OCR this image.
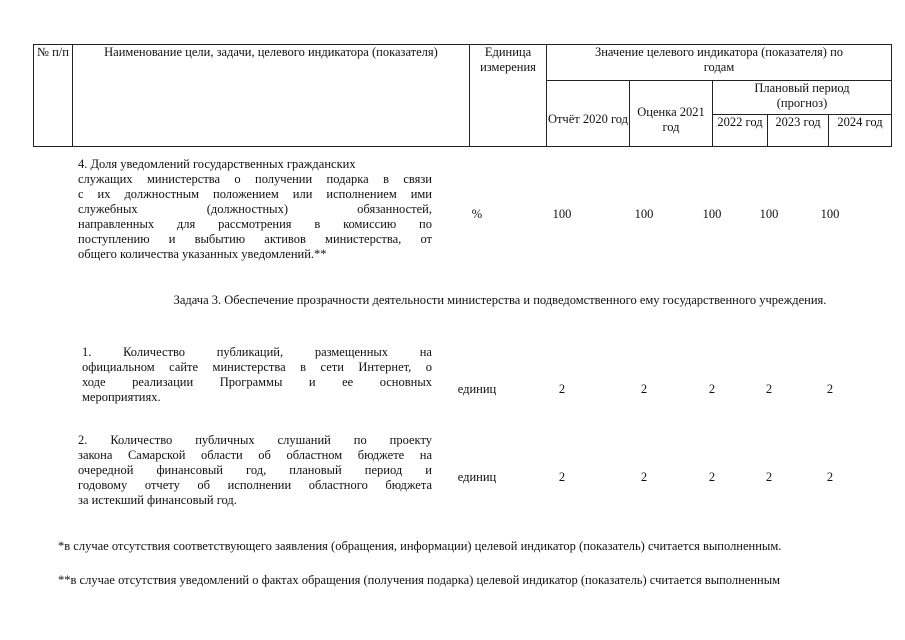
№ п/п	Наименование цели, задачи, целевого индикатора (показателя)	Единица измерения	Значение целевого индикатора (показателя) по годам				
			Отчёт 2020 год	Оценка 2021 год	Плановый период (прогноз)		
					2022 год	2023 год	2024 год
4. Доля уведомлений государственных гражданских
служащих министерства о получении подарка в связи
с их должностным положением или исполнением ими
служебных (должностных) обязанностей,
направленных для рассмотрения в комиссию по
поступлению и выбытию активов министерства, от
общего количества указанных уведомлений.**
%	100	100	100	100	100
Задача 3. Обеспечение прозрачности деятельности министерства и подведомственного ему государственного учреждения.
1. Количество публикаций, размещенных на
официальном сайте министерства в сети Интернет, о
ходе реализации Программы и ее основных
мероприятиях.
единиц	2	2	2	2	2
2. Количество публичных слушаний по проекту
закона Самарской области об областном бюджете на
очередной финансовый год, плановый период и
годовому отчету об исполнении областного бюджета
за истекший финансовый год.
единиц	2	2	2	2	2
*в случае отсутствия соответствующего заявления (обращения, информации) целевой индикатор (показатель) считается выполненным.
**в случае отсутствия уведомлений о фактах обращения (получения подарка) целевой индикатор (показатель) считается выполненным
